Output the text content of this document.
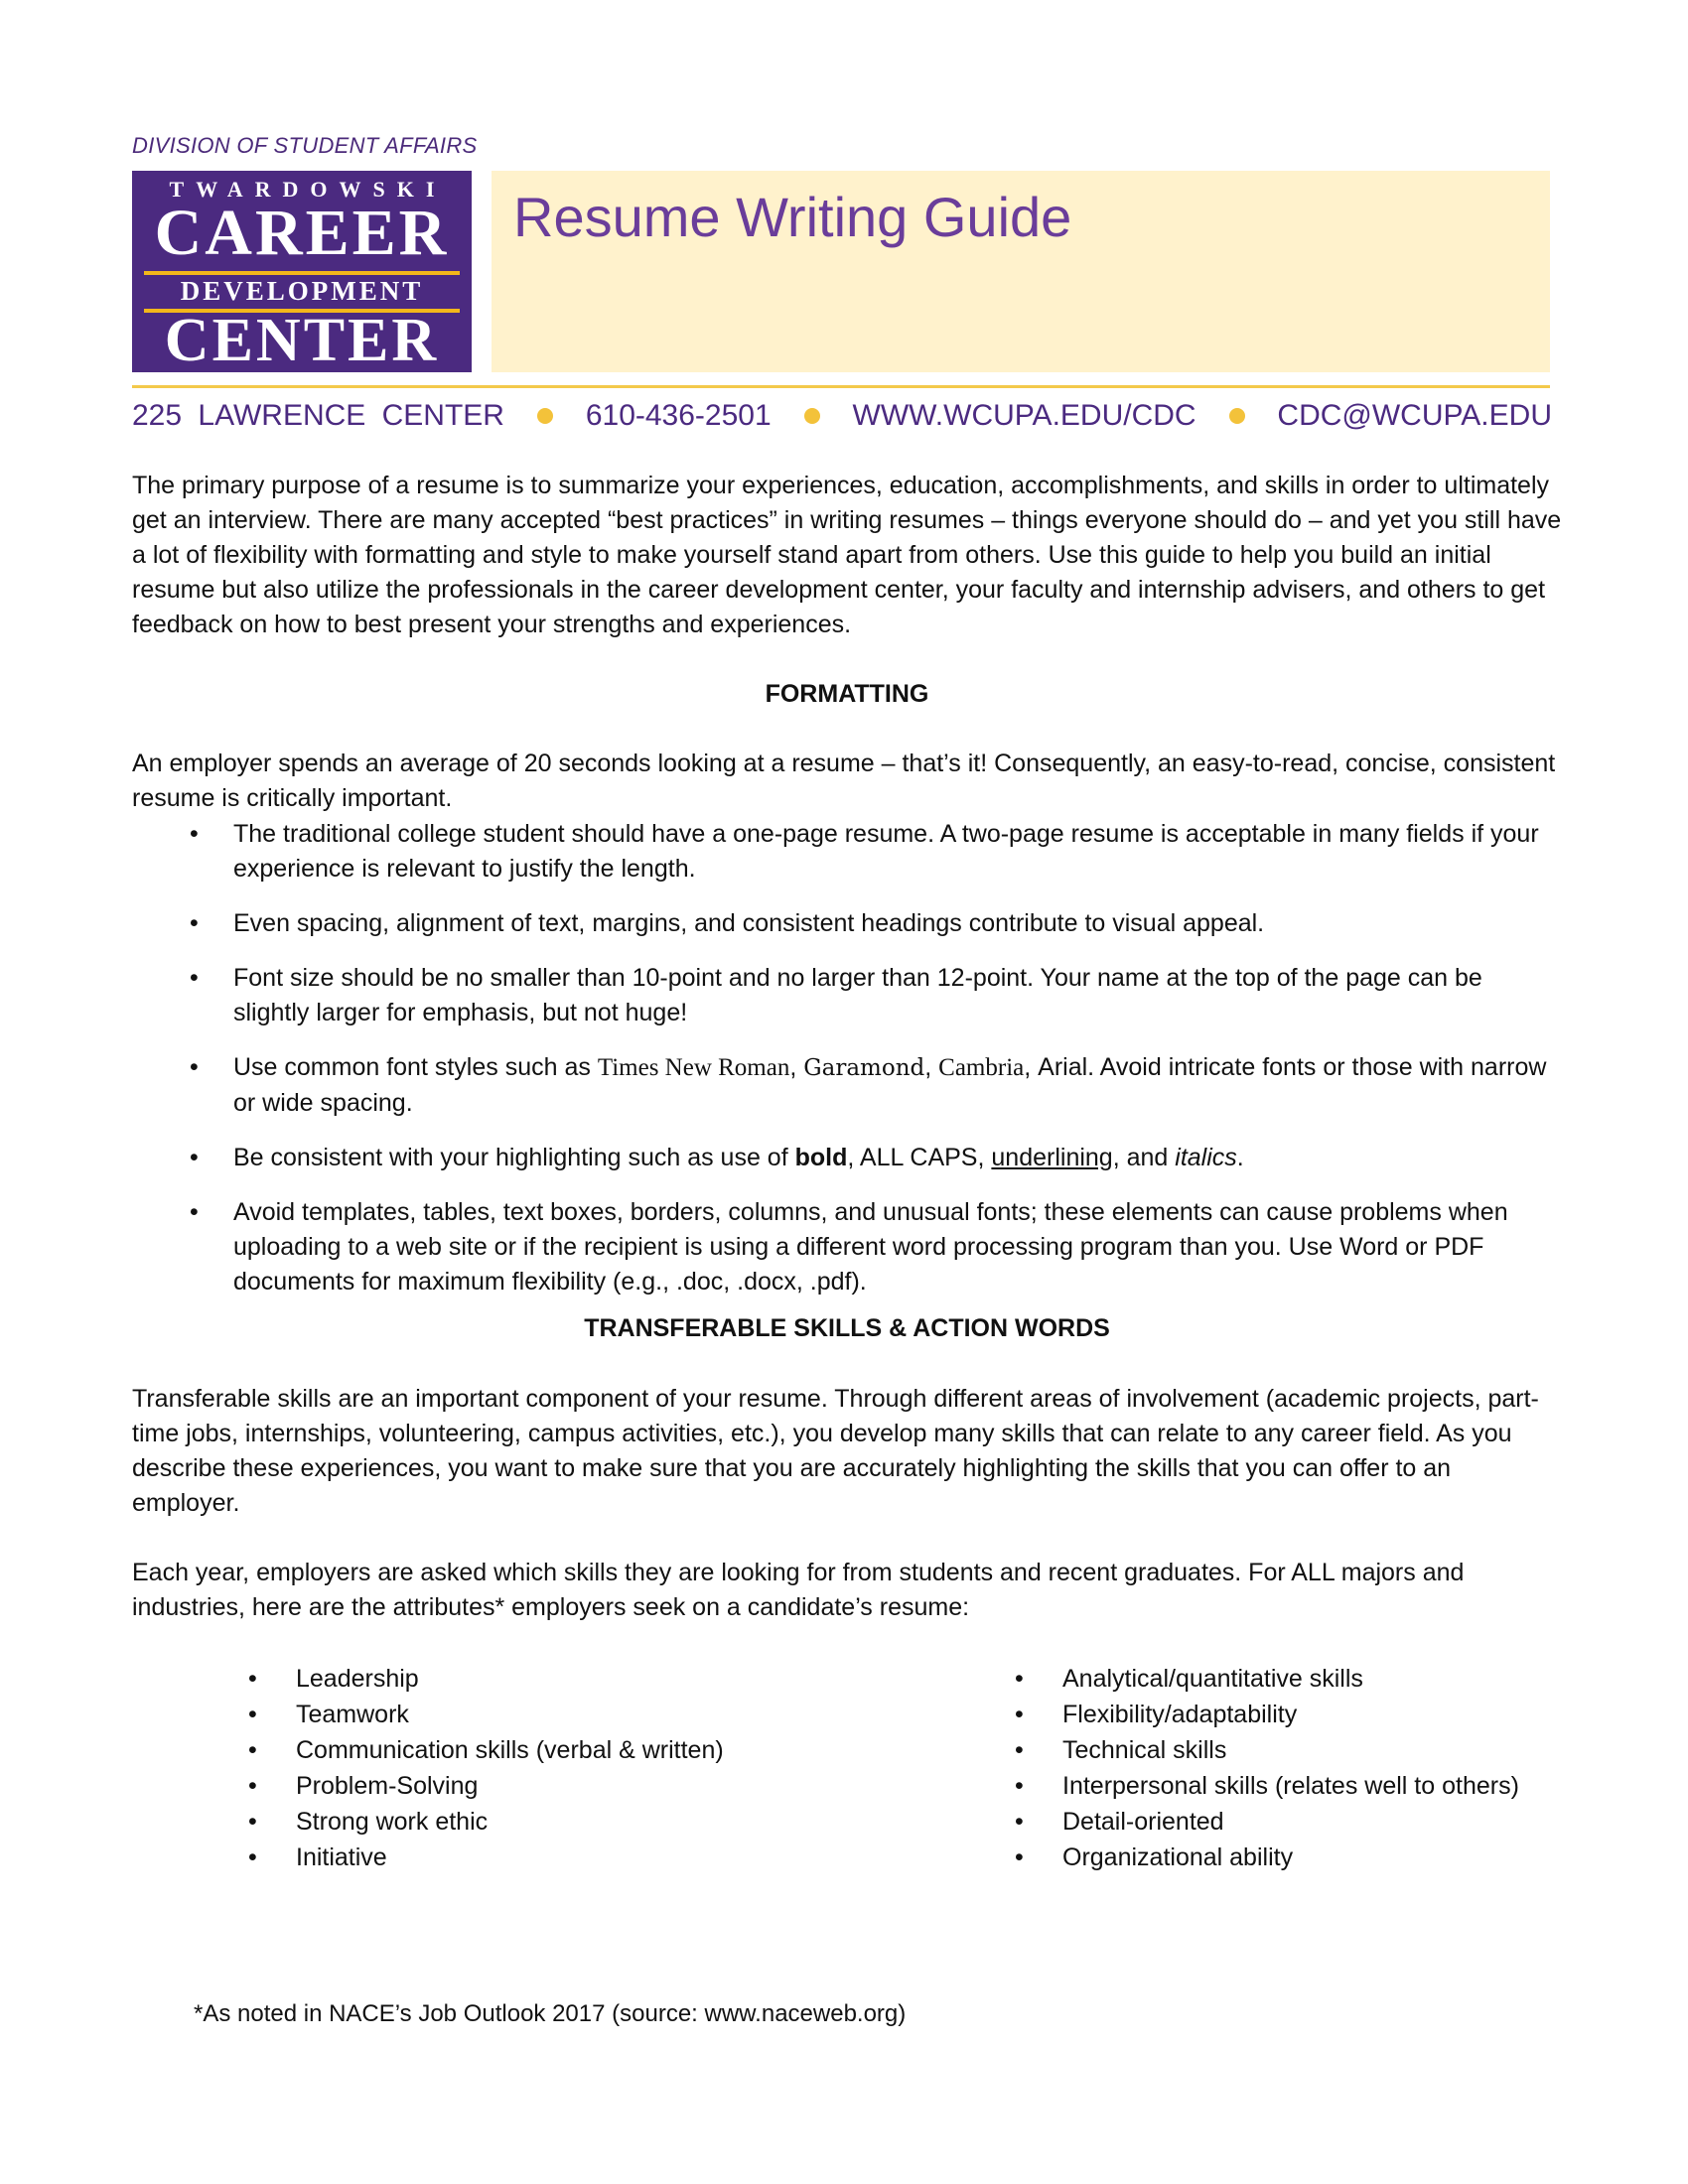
DIVISION OF STUDENT AFFAIRS
TWARDOWSKI
CAREER
DEVELOPMENT
CENTER
Resume Writing Guide
225 LAWRENCE CENTER	610-436-2501	WWW.WCUPA.EDU/CDC	CDC@WCUPA.EDU
The primary purpose of a resume is to summarize your experiences, education, accomplishments, and skills in order to ultimately get an interview. There are many accepted “best practices” in writing resumes – things everyone should do – and yet you still have a lot of flexibility with formatting and style to make yourself stand apart from others. Use this guide to help you build an initial resume but also utilize the professionals in the career development center, your faculty and internship advisers, and others to get feedback on how to best present your strengths and experiences.
FORMATTING
An employer spends an average of 20 seconds looking at a resume – that’s it! Consequently, an easy-to-read, concise, consistent resume is critically important.
• The traditional college student should have a one-page resume. A two-page resume is acceptable in many fields if your experience is relevant to justify the length.
• Even spacing, alignment of text, margins, and consistent headings contribute to visual appeal.
• Font size should be no smaller than 10-point and no larger than 12-point. Your name at the top of the page can be slightly larger for emphasis, but not huge!
• Use common font styles such as Times New Roman, Garamond, Cambria, Arial. Avoid intricate fonts or those with narrow or wide spacing.
• Be consistent with your highlighting such as use of bold, ALL CAPS, underlining, and italics.
• Avoid templates, tables, text boxes, borders, columns, and unusual fonts; these elements can cause problems when uploading to a web site or if the recipient is using a different word processing program than you. Use Word or PDF documents for maximum flexibility (e.g., .doc, .docx, .pdf).
TRANSFERABLE SKILLS & ACTION WORDS
Transferable skills are an important component of your resume. Through different areas of involvement (academic projects, part-time jobs, internships, volunteering, campus activities, etc.), you develop many skills that can relate to any career field. As you describe these experiences, you want to make sure that you are accurately highlighting the skills that you can offer to an employer.
Each year, employers are asked which skills they are looking for from students and recent graduates. For ALL majors and industries, here are the attributes* employers seek on a candidate’s resume:
• Leadership
• Teamwork
• Communication skills (verbal & written)
• Problem-Solving
• Strong work ethic
• Initiative
• Analytical/quantitative skills
• Flexibility/adaptability
• Technical skills
• Interpersonal skills (relates well to others)
• Detail-oriented
• Organizational ability
*As noted in NACE’s Job Outlook 2017 (source: www.naceweb.org)
